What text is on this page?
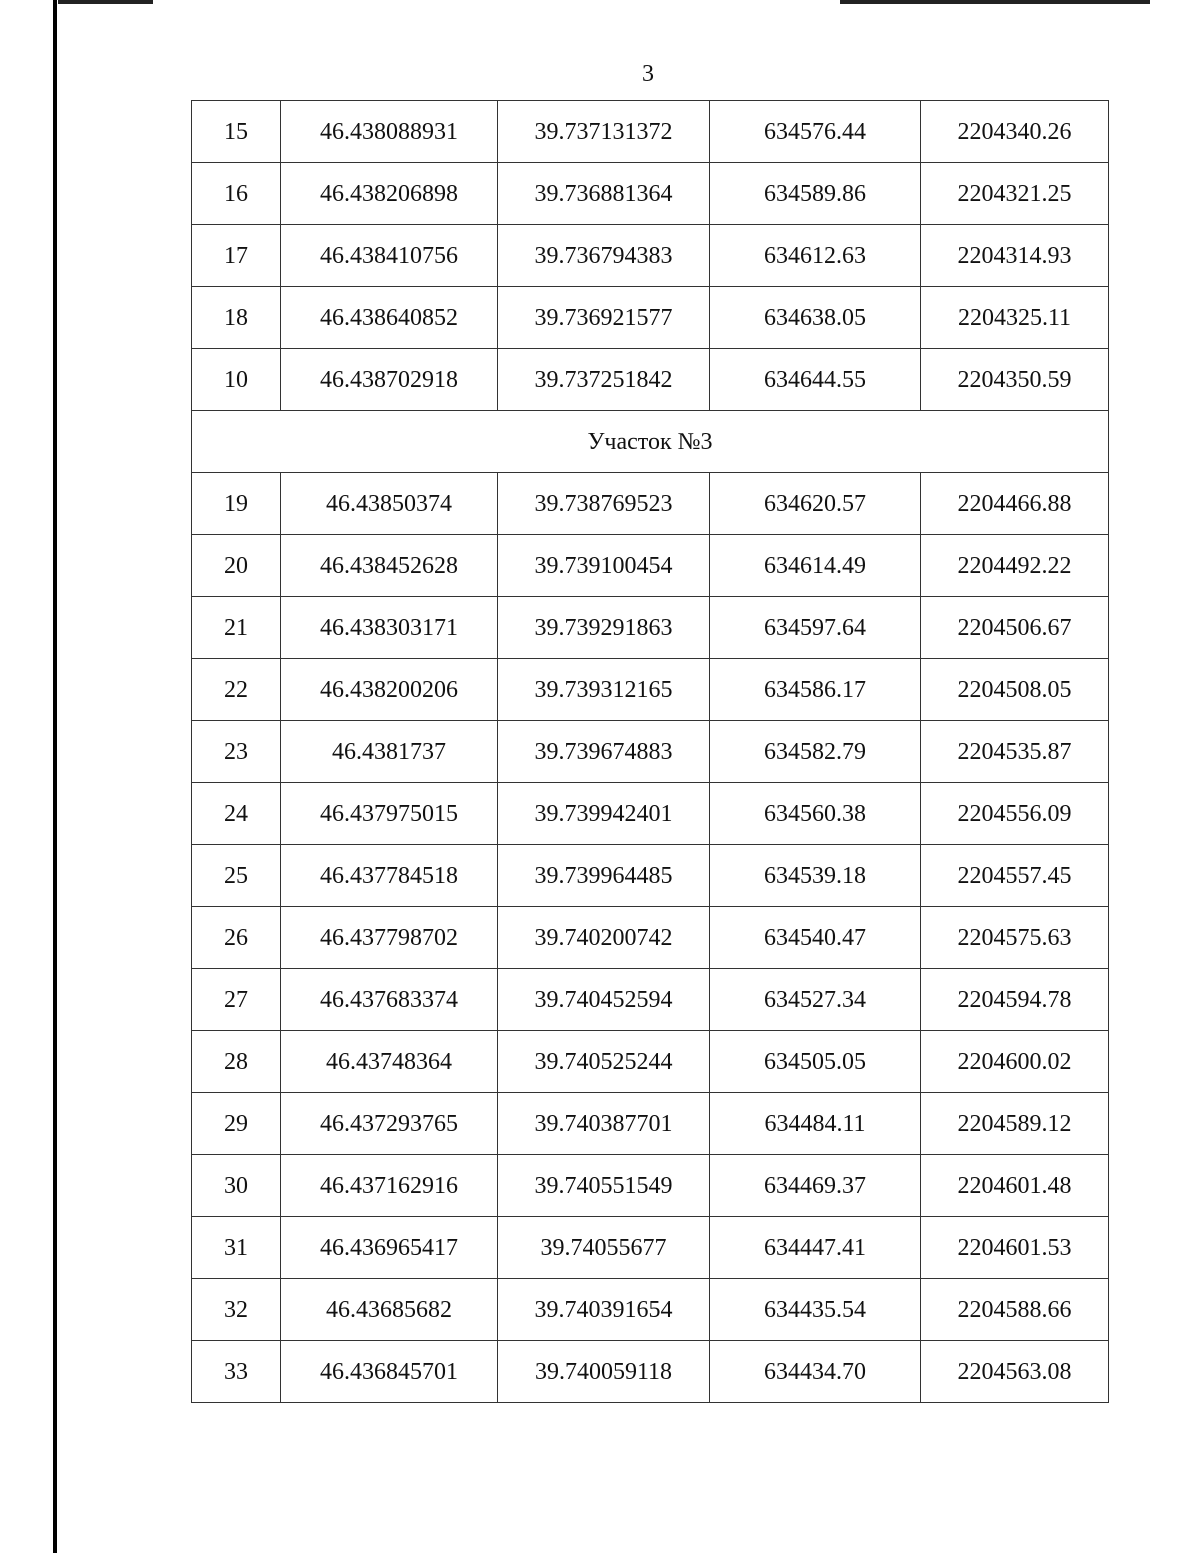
3
15	46.438088931	39.737131372	634576.44	2204340.26
16	46.438206898	39.736881364	634589.86	2204321.25
17	46.438410756	39.736794383	634612.63	2204314.93
18	46.438640852	39.736921577	634638.05	2204325.11
10	46.438702918	39.737251842	634644.55	2204350.59
Участок №3				
19	46.43850374	39.738769523	634620.57	2204466.88
20	46.438452628	39.739100454	634614.49	2204492.22
21	46.438303171	39.739291863	634597.64	2204506.67
22	46.438200206	39.739312165	634586.17	2204508.05
23	46.4381737	39.739674883	634582.79	2204535.87
24	46.437975015	39.739942401	634560.38	2204556.09
25	46.437784518	39.739964485	634539.18	2204557.45
26	46.437798702	39.740200742	634540.47	2204575.63
27	46.437683374	39.740452594	634527.34	2204594.78
28	46.43748364	39.740525244	634505.05	2204600.02
29	46.437293765	39.740387701	634484.11	2204589.12
30	46.437162916	39.740551549	634469.37	2204601.48
31	46.436965417	39.74055677	634447.41	2204601.53
32	46.43685682	39.740391654	634435.54	2204588.66
33	46.436845701	39.740059118	634434.70	2204563.08
